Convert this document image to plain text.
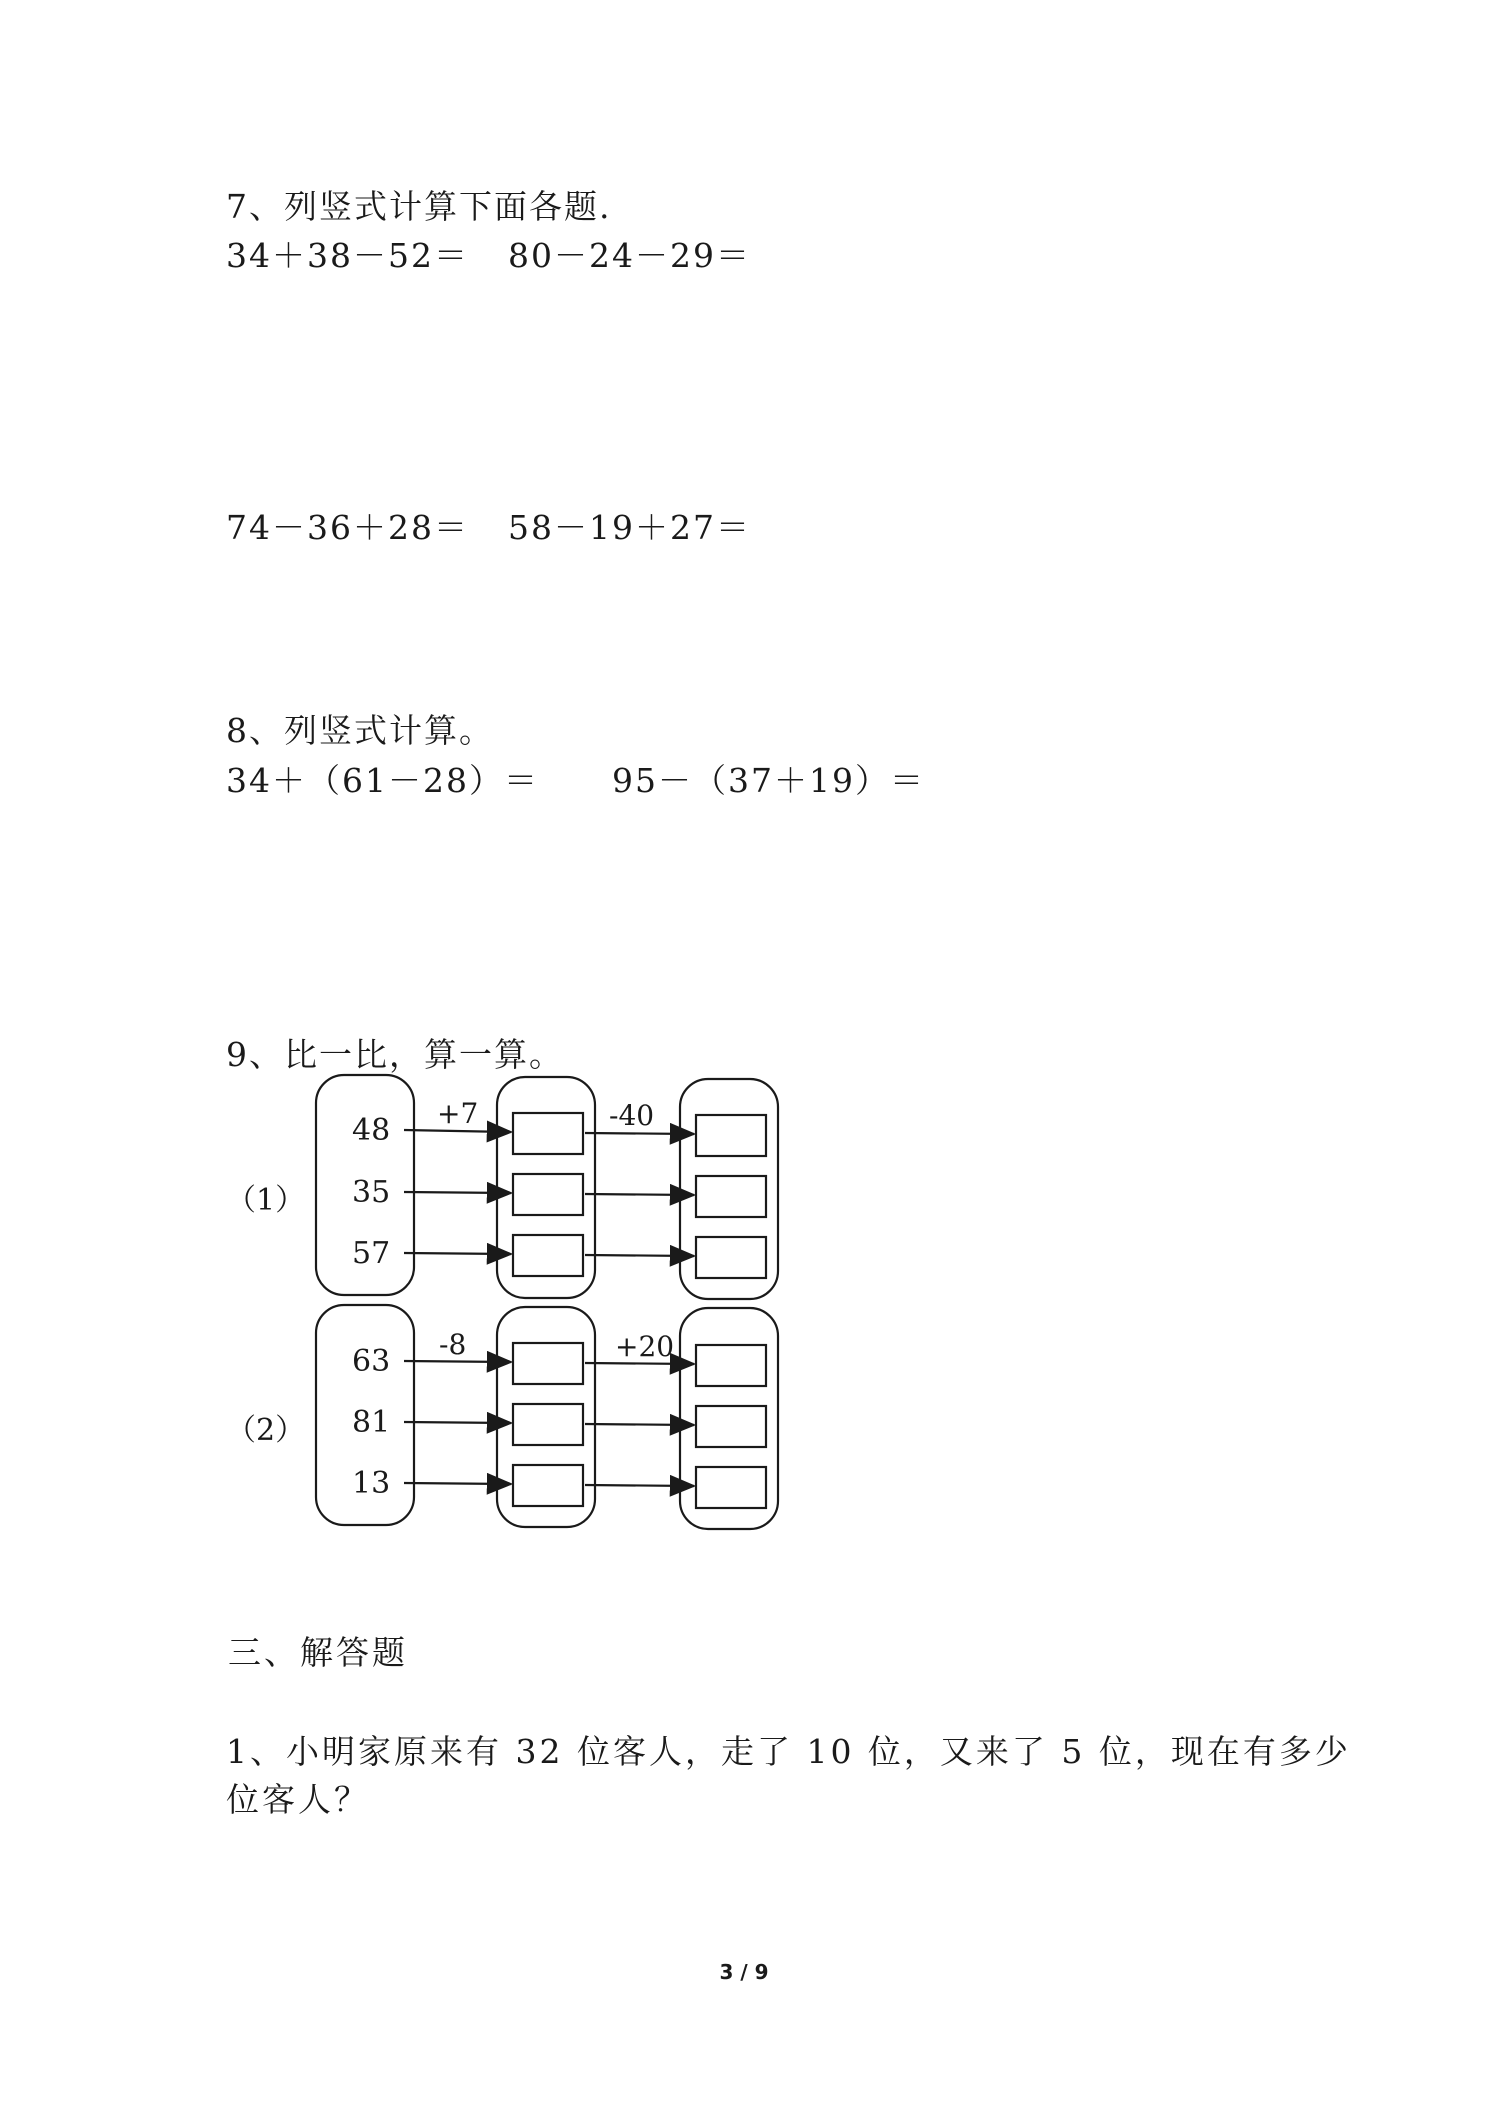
7、列竖式计算下面各题.
34＋38－52＝ 80－24－29＝
74－36＋28＝ 58－19＋27＝
8、列竖式计算。
34＋（61－28）＝ 95－（37＋19）＝
9、比一比，算一算。
（1）
+7	-40
48
35
57
（2）
-8	+20
63
81
13
三、解答题
1、小明家原来有 32 位客人，走了 10 位，又来了 5 位，现在有多少
位客人？
3 / 9
